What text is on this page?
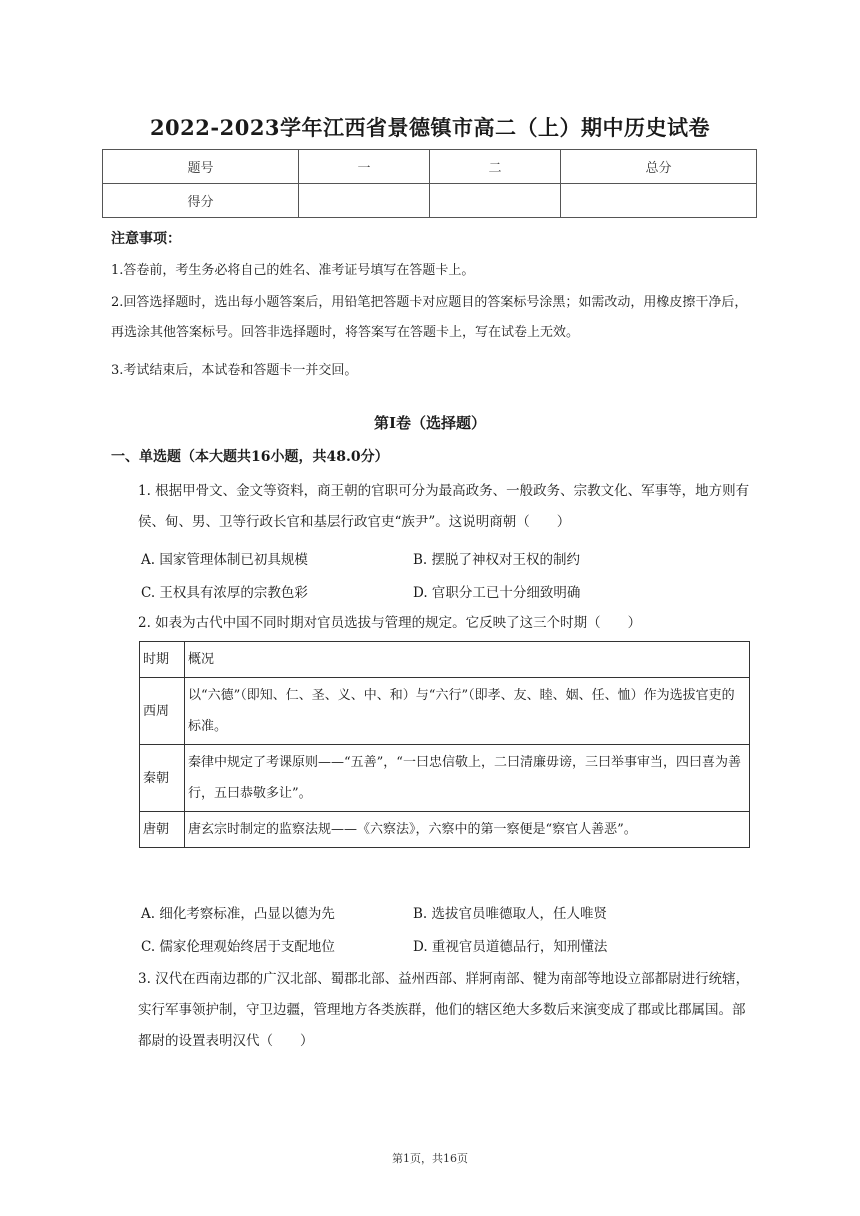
2022-2023学年江西省景德镇市高二（上）期中历史试卷
题号	一	二	总分
得分			
注意事项：
1.答卷前，考生务必将自己的姓名、准考证号填写在答题卡上。
2.回答选择题时，选出每小题答案后，用铅笔把答题卡对应题目的答案标号涂黑；如需改动，用橡皮擦干净后，再选涂其他答案标号。回答非选择题时，将答案写在答题卡上，写在试卷上无效。
3.考试结束后，本试卷和答题卡一并交回。
第Ⅰ卷（选择题）
一、单选题（本大题共16小题，共48.0分）
1. 根据甲骨文、金文等资料，商王朝的官职可分为最高政务、一般政务、宗教文化、军事等，地方则有侯、甸、男、卫等行政长官和基层行政官吏“族尹”。这说明商朝（　　）
A. 国家管理体制已初具规模	B. 摆脱了神权对王权的制约
C. 王权具有浓厚的宗教色彩	D. 官职分工已十分细致明确
2. 如表为古代中国不同时期对官员选拔与管理的规定。它反映了这三个时期（　　）
时期	概况
西周	以“六德”（即知、仁、圣、义、中、和）与“六行”（即孝、友、睦、姻、任、恤）作为选拔官吏的标准。
秦朝	秦律中规定了考课原则——“五善”，“一曰忠信敬上，二曰清廉毋谤，三曰举事审当，四曰喜为善行，五曰恭敬多让”。
唐朝	唐玄宗时制定的监察法规——《六察法》，六察中的第一察便是“察官人善恶”。
A. 细化考察标准，凸显以德为先	B. 选拔官员唯德取人，任人唯贤
C. 儒家伦理观始终居于支配地位	D. 重视官员道德品行，知刑懂法
3. 汉代在西南边郡的广汉北部、蜀郡北部、益州西部、牂牁南部、犍为南部等地设立部都尉进行统辖，实行军事领护制，守卫边疆，管理地方各类族群，他们的辖区绝大多数后来演变成了郡或比郡属国。部都尉的设置表明汉代（　　）
第1页，共16页
